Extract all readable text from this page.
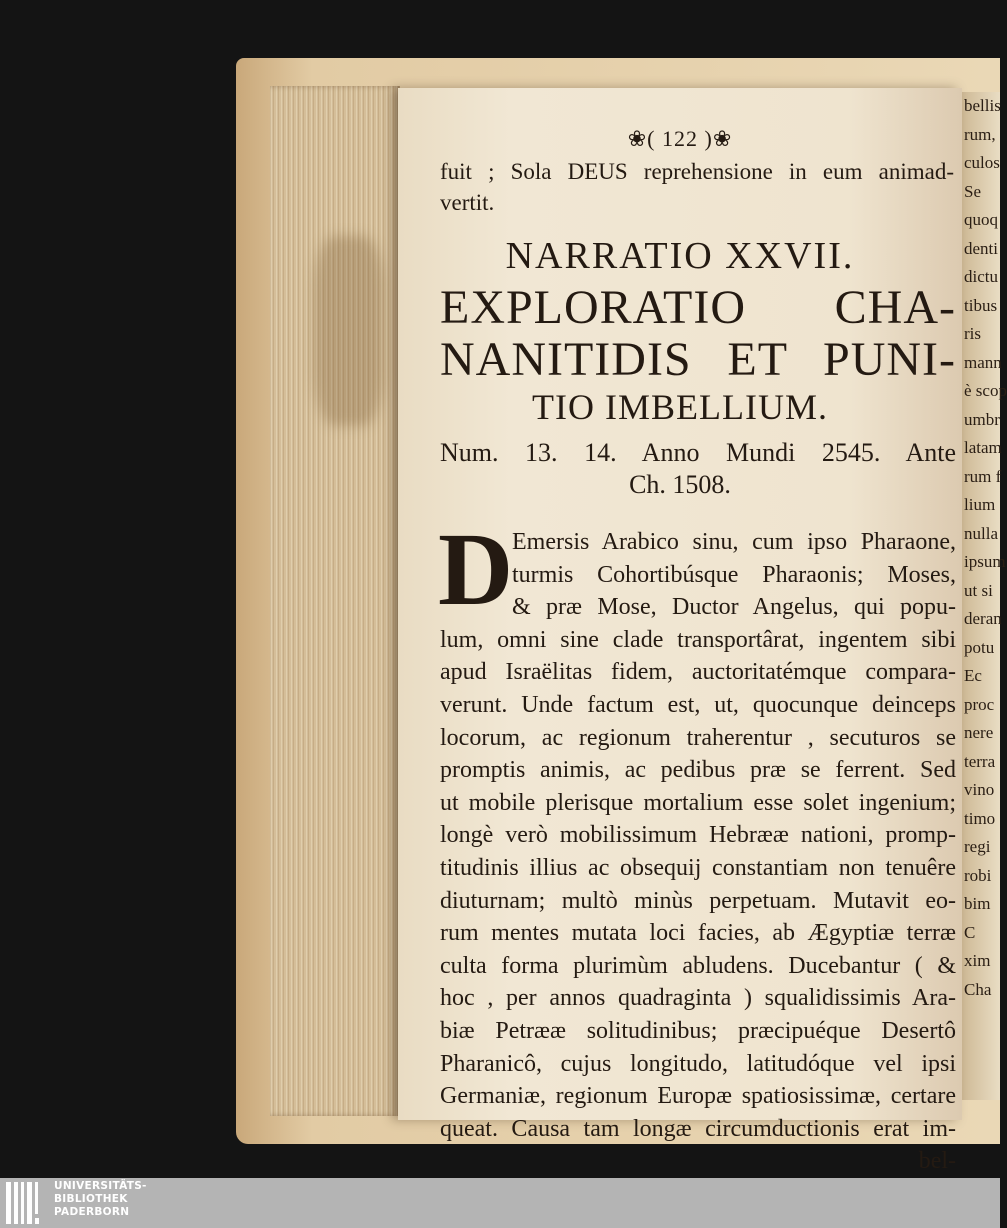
bellis
rum,
culos
Se
quoq
denti
dictu
tibus
ris
mann
è scop
umbr
latam
rum f
lium
nulla
ipsum
ut si
deran
potu
Ec
proc
nere
terra
vino
timo
regi
robi
bim
C
xim
Cha
❀( 122 )❀
fuit ; Sola DEUS reprehensione in eum animad-
vertit.
NARRATIO XXVII.
EXPLORATIO CHA-
NANITIDIS ET PUNI-
TIO IMBELLIUM.
Num. 13. 14. Anno Mundi 2545. Ante
Ch. 1508.
D
Emersis Arabico sinu, cum ipso Pharaone,
turmis Cohortibúsque Pharaonis; Moses,
& præ Mose, Ductor Angelus, qui popu-
lum, omni sine clade transportârat, ingentem sibi
apud Israëlitas fidem, auctoritatémque compara-
verunt. Unde factum est, ut, quocunque deinceps
locorum, ac regionum traherentur , secuturos se
promptis animis, ac pedibus præ se ferrent. Sed
ut mobile plerisque mortalium esse solet ingenium;
longè verò mobilissimum Hebrææ nationi, promp-
titudinis illius ac obsequij constantiam non tenuêre
diuturnam; multò minùs perpetuam. Mutavit eo-
rum mentes mutata loci facies, ab Ægyptiæ terræ
culta forma plurimùm abludens. Ducebantur ( &
hoc , per annos quadraginta ) squalidissimis Ara-
biæ Petrææ solitudinibus; præcipuéque Desertô
Pharanicô, cujus longitudo, latitudóque vel ipsi
Germaniæ, regionum Europæ spatiosissimæ, certare
queat. Causa tam longæ circumductionis erat im-
bel-
UNIVERSITÄTS-
BIBLIOTHEK
PADERBORN
